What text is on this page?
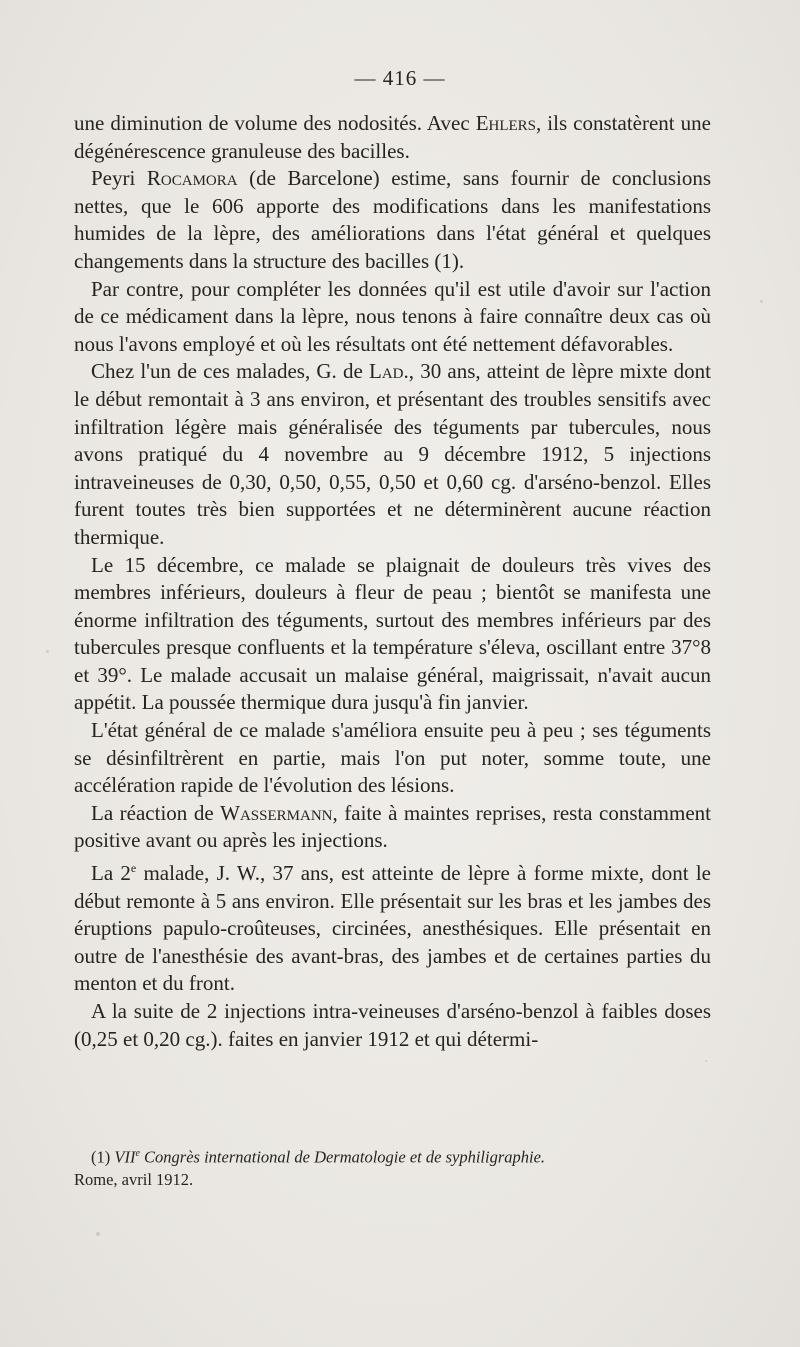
— 416 —

une diminution de volume des nodosités. Avec Ehlers, ils constatèrent une dégénérescence granuleuse des bacilles.

Peyri Rocamora (de Barcelone) estime, sans fournir de conclusions nettes, que le 606 apporte des modifications dans les manifestations humides de la lèpre, des améliorations dans l'état général et quelques changements dans la structure des bacilles (1).

Par contre, pour compléter les données qu'il est utile d'avoir sur l'action de ce médicament dans la lèpre, nous tenons à faire connaître deux cas où nous l'avons employé et où les résultats ont été nettement défavorables.

Chez l'un de ces malades, G. de Lad., 30 ans, atteint de lèpre mixte dont le début remontait à 3 ans environ, et présentant des troubles sensitifs avec infiltration légère mais généralisée des téguments par tubercules, nous avons pratiqué du 4 novembre au 9 décembre 1912, 5 injections intraveineuses de 0,30, 0,50, 0,55, 0,50 et 0,60 cg. d'arséno-benzol. Elles furent toutes très bien supportées et ne déterminèrent aucune réaction thermique.

Le 15 décembre, ce malade se plaignait de douleurs très vives des membres inférieurs, douleurs à fleur de peau ; bientôt se manifesta une énorme infiltration des téguments, surtout des membres inférieurs par des tubercules presque confluents et la température s'éleva, oscillant entre 37°8 et 39°. Le malade accusait un malaise général, maigrissait, n'avait aucun appétit. La poussée thermique dura jusqu'à fin janvier.

L'état général de ce malade s'améliora ensuite peu à peu ; ses téguments se désinfiltrèrent en partie, mais l'on put noter, somme toute, une accélération rapide de l'évolution des lésions.

La réaction de Wassermann, faite à maintes reprises, resta constamment positive avant ou après les injections.

La 2e malade, J. W., 37 ans, est atteinte de lèpre à forme mixte, dont le début remonte à 5 ans environ. Elle présentait sur les bras et les jambes des éruptions papulo-croûteuses, circinées, anesthésiques. Elle présentait en outre de l'anesthésie des avant-bras, des jambes et de certaines parties du menton et du front.

A la suite de 2 injections intra-veineuses d'arséno-benzol à faibles doses (0,25 et 0,20 cg.). faites en janvier 1912 et qui détermi-

(1) VIIe Congrès international de Dermatologie et de syphiligraphie.

Rome, avril 1912.
